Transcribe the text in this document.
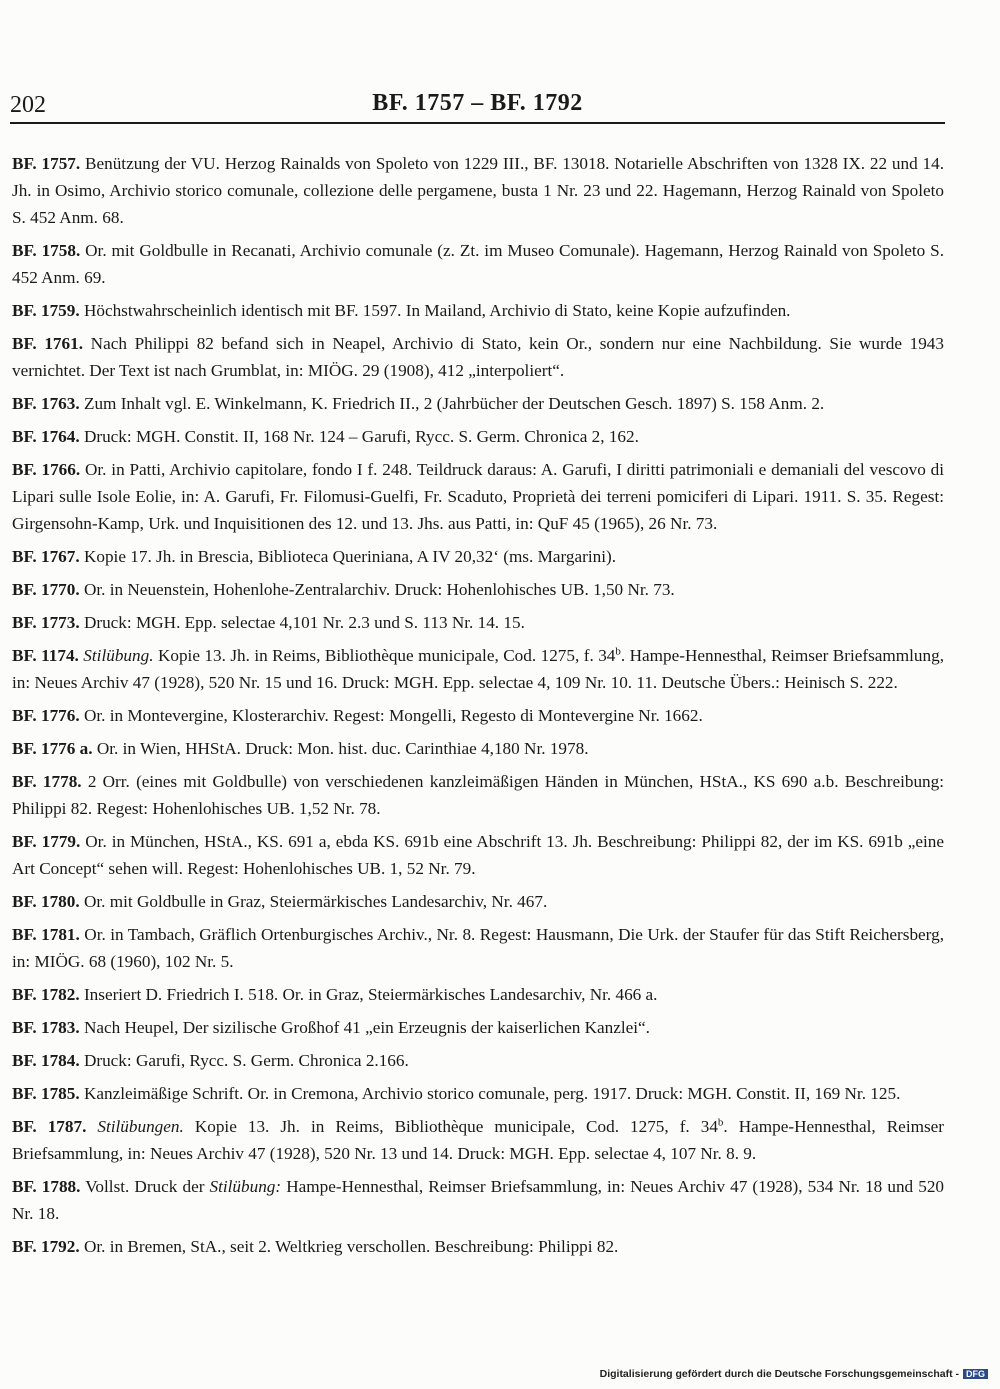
202	BF. 1757 – BF. 1792

BF. 1757. Benützung der VU. Herzog Rainalds von Spoleto von 1229 III., BF. 13018. Notarielle Abschriften von 1328 IX. 22 und 14. Jh. in Osimo, Archivio storico comunale, collezione delle pergamene, busta 1 Nr. 23 und 22. Hagemann, Herzog Rainald von Spoleto S. 452 Anm. 68.

BF. 1758. Or. mit Goldbulle in Recanati, Archivio comunale (z. Zt. im Museo Comunale). Hagemann, Herzog Rainald von Spoleto S. 452 Anm. 69.

BF. 1759. Höchstwahrscheinlich identisch mit BF. 1597. In Mailand, Archivio di Stato, keine Kopie aufzufinden.

BF. 1761. Nach Philippi 82 befand sich in Neapel, Archivio di Stato, kein Or., sondern nur eine Nachbildung. Sie wurde 1943 vernichtet. Der Text ist nach Grumblat, in: MIÖG. 29 (1908), 412 „interpoliert“.

BF. 1763. Zum Inhalt vgl. E. Winkelmann, K. Friedrich II., 2 (Jahrbücher der Deutschen Gesch. 1897) S. 158 Anm. 2.

BF. 1764. Druck: MGH. Constit. II, 168 Nr. 124 – Garufi, Rycc. S. Germ. Chronica 2, 162.

BF. 1766. Or. in Patti, Archivio capitolare, fondo I f. 248. Teildruck daraus: A. Garufi, I diritti patrimoniali e demaniali del vescovo di Lipari sulle Isole Eolie, in: A. Garufi, Fr. Filomusi-Guelfi, Fr. Scaduto, Proprietà dei terreni pomiciferi di Lipari. 1911. S. 35. Regest: Girgensohn-Kamp, Urk. und Inquisitionen des 12. und 13. Jhs. aus Patti, in: QuF 45 (1965), 26 Nr. 73.

BF. 1767. Kopie 17. Jh. in Brescia, Biblioteca Queriniana, A IV 20,32‘ (ms. Margarini).

BF. 1770. Or. in Neuenstein, Hohenlohe-Zentralarchiv. Druck: Hohenlohisches UB. 1,50 Nr. 73.

BF. 1773. Druck: MGH. Epp. selectae 4,101 Nr. 2.3 und S. 113 Nr. 14. 15.

BF. 1174. Stilübung. Kopie 13. Jh. in Reims, Bibliothèque municipale, Cod. 1275, f. 34$^b$. Hampe-Hennesthal, Reimser Briefsammlung, in: Neues Archiv 47 (1928), 520 Nr. 15 und 16. Druck: MGH. Epp. selectae 4, 109 Nr. 10. 11. Deutsche Übers.: Heinisch S. 222.

BF. 1776. Or. in Montevergine, Klosterarchiv. Regest: Mongelli, Regesto di Montevergine Nr. 1662.

BF. 1776 a. Or. in Wien, HHStA. Druck: Mon. hist. duc. Carinthiae 4,180 Nr. 1978.

BF. 1778. 2 Orr. (eines mit Goldbulle) von verschiedenen kanzleimäßigen Händen in München, HStA., KS 690 a.b. Beschreibung: Philippi 82. Regest: Hohenlohisches UB. 1,52 Nr. 78.

BF. 1779. Or. in München, HStA., KS. 691 a, ebda KS. 691b eine Abschrift 13. Jh. Beschreibung: Philippi 82, der im KS. 691b „eine Art Concept“ sehen will. Regest: Hohenlohisches UB. 1, 52 Nr. 79.

BF. 1780. Or. mit Goldbulle in Graz, Steiermärkisches Landesarchiv, Nr. 467.

BF. 1781. Or. in Tambach, Gräflich Ortenburgisches Archiv., Nr. 8. Regest: Hausmann, Die Urk. der Staufer für das Stift Reichersberg, in: MIÖG. 68 (1960), 102 Nr. 5.

BF. 1782. Inseriert D. Friedrich I. 518. Or. in Graz, Steiermärkisches Landesarchiv, Nr. 466 a.

BF. 1783. Nach Heupel, Der sizilische Großhof 41 „ein Erzeugnis der kaiserlichen Kanzlei“.

BF. 1784. Druck: Garufi, Rycc. S. Germ. Chronica 2.166.

BF. 1785. Kanzleimäßige Schrift. Or. in Cremona, Archivio storico comunale, perg. 1917. Druck: MGH. Constit. II, 169 Nr. 125.

BF. 1787. Stilübungen. Kopie 13. Jh. in Reims, Bibliothèque municipale, Cod. 1275, f. 34$^b$. Hampe-Hennesthal, Reimser Briefsammlung, in: Neues Archiv 47 (1928), 520 Nr. 13 und 14. Druck: MGH. Epp. selectae 4, 107 Nr. 8. 9.

BF. 1788. Vollst. Druck der Stilübung: Hampe-Hennesthal, Reimser Briefsammlung, in: Neues Archiv 47 (1928), 534 Nr. 18 und 520 Nr. 18.

BF. 1792. Or. in Bremen, StA., seit 2. Weltkrieg verschollen. Beschreibung: Philippi 82.

Digitalisierung gefördert durch die Deutsche Forschungsgemeinschaft - DFG
